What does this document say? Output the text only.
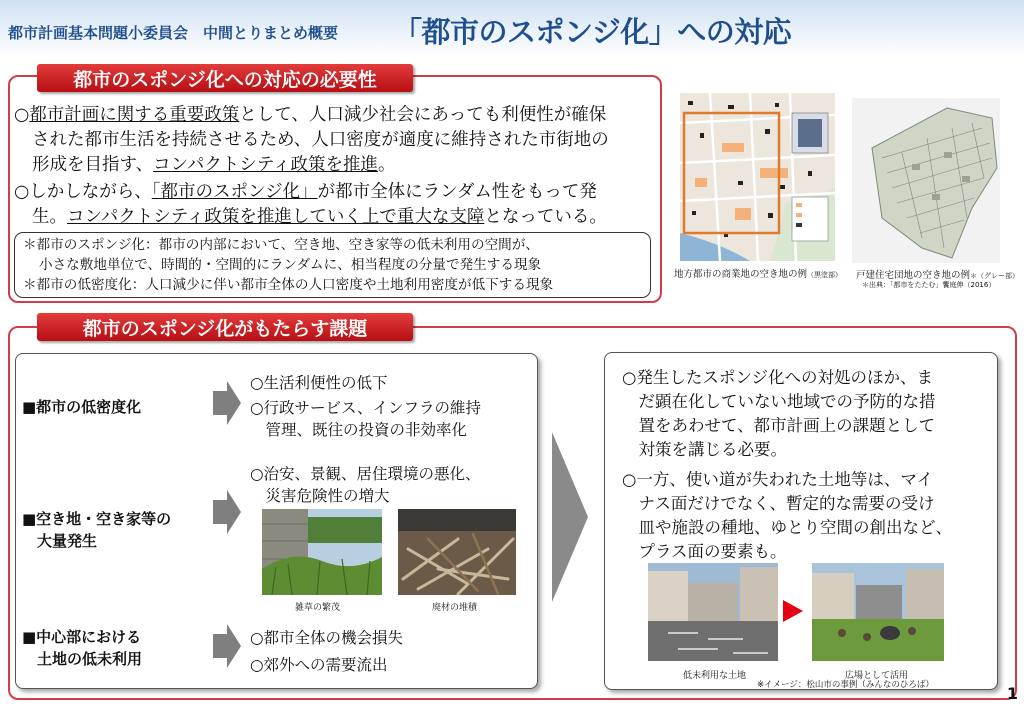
都市計画基本問題小委員会　中間とりまとめ概要 「都市のスポンジ化」への対応
都市のスポンジ化への対応の必要性
○都市計画に関する重要政策として、人口減少社会にあっても利便性が確保
された都市生活を持続させるため、人口密度が適度に維持された市街地の
形成を目指す、コンパクトシティ政策を推進。
○しかしながら、「都市のスポンジ化」が都市全体にランダム性をもって発
生。コンパクトシティ政策を推進していく上で重大な支障となっている。
＊都市のスポンジ化：都市の内部において、空き地、空き家等の低未利用の空間が、
小さな敷地単位で、時間的・空間的にランダムに、相当程度の分量で発生する現象
＊都市の低密度化：人口減少に伴い都市全体の人口密度や土地利用密度が低下する現象
地方都市の商業地の空き地の例（黒塗部） 戸建住宅団地の空き地の例＊（グレー部）
＊出典：「都市をたたむ」饗庭伸（2016）
都市のスポンジ化がもたらす課題
■都市の低密度化
○生活利便性の低下
○行政サービス、インフラの維持
　管理、既往の投資の非効率化
■空き地・空き家等の
　大量発生
○治安、景観、居住環境の悪化、
　災害危険性の増大
雑草の繁茂	廃材の堆積
■中心部における
　土地の低未利用
○都市全体の機会損失
○郊外への需要流出
○発生したスポンジ化への対処のほか、ま
　だ顕在化していない地域での予防的な措
　置をあわせて、都市計画上の課題として
　対策を講じる必要。
○一方、使い道が失われた土地等は、マイ
　ナス面だけでなく、暫定的な需要の受け
　皿や施設の種地、ゆとり空間の創出など、
　プラス面の要素も。
低未利用な土地	広場として活用
※イメージ：松山市の事例（みんなのひろば）	1
